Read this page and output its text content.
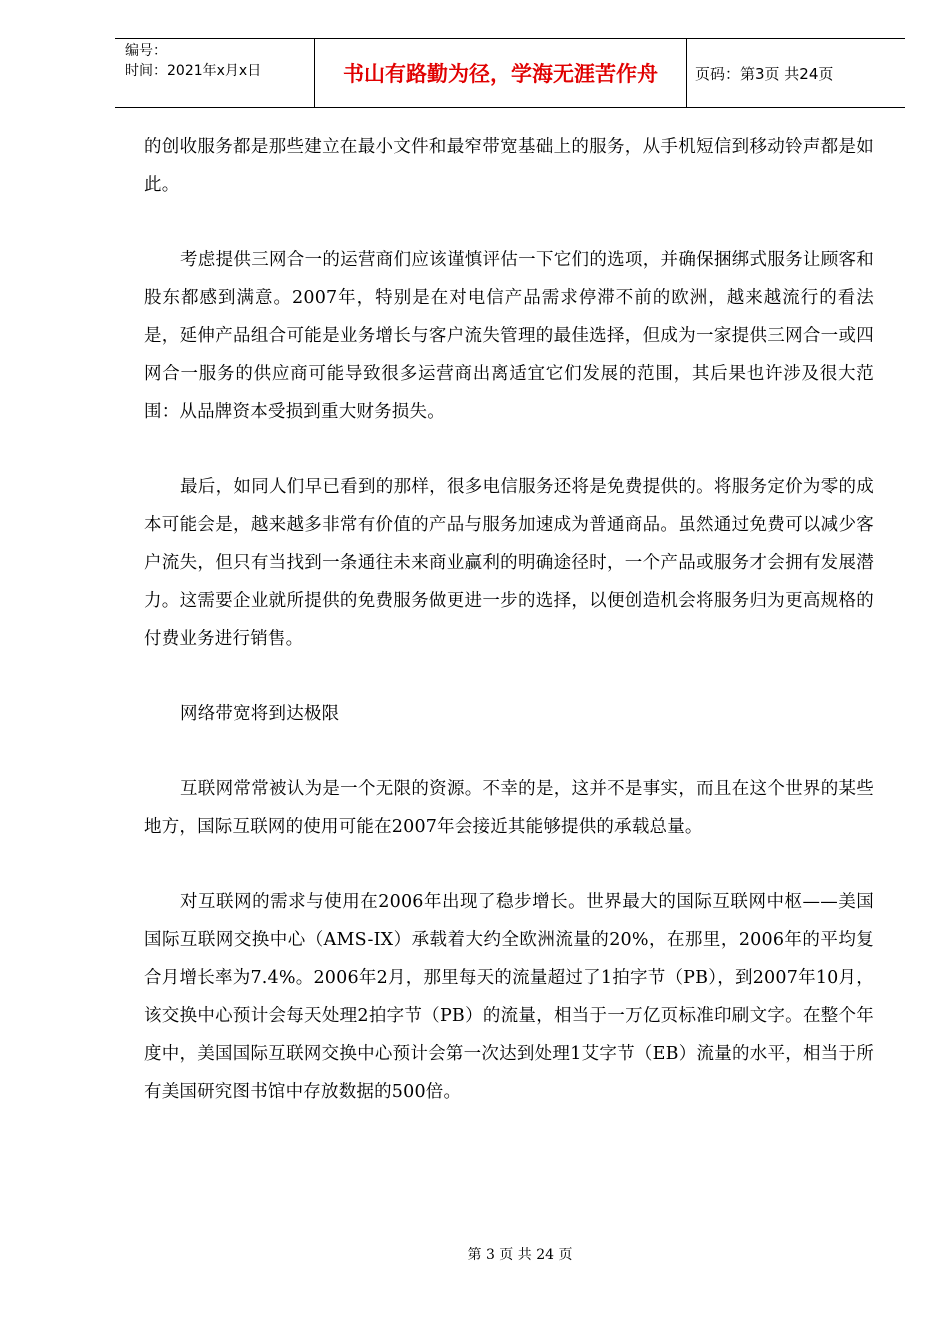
编号：
时间：2021年x月x日	书山有路勤为径，学海无涯苦作舟	页码：第3页 共24页

的创收服务都是那些建立在最小文件和最窄带宽基础上的服务，从手机短信到移动铃声都是如此。

考虑提供三网合一的运营商们应该谨慎评估一下它们的选项，并确保捆绑式服务让顾客和股东都感到满意。2007年，特别是在对电信产品需求停滞不前的欧洲，越来越流行的看法是，延伸产品组合可能是业务增长与客户流失管理的最佳选择，但成为一家提供三网合一或四网合一服务的供应商可能导致很多运营商出离适宜它们发展的范围，其后果也许涉及很大范围：从品牌资本受损到重大财务损失。

最后，如同人们早已看到的那样，很多电信服务还将是免费提供的。将服务定价为零的成本可能会是，越来越多非常有价值的产品与服务加速成为普通商品。虽然通过免费可以减少客户流失，但只有当找到一条通往未来商业赢利的明确途径时，一个产品或服务才会拥有发展潜力。这需要企业就所提供的免费服务做更进一步的选择，以便创造机会将服务归为更高规格的付费业务进行销售。

网络带宽将到达极限

互联网常常被认为是一个无限的资源。不幸的是，这并不是事实，而且在这个世界的某些地方，国际互联网的使用可能在2007年会接近其能够提供的承载总量。

对互联网的需求与使用在2006年出现了稳步增长。世界最大的国际互联网中枢——美国国际互联网交换中心（AMS-IX）承载着大约全欧洲流量的20%，在那里，2006年的平均复合月增长率为7.4%。2006年2月，那里每天的流量超过了1拍字节（PB），到2007年10月，该交换中心预计会每天处理2拍字节（PB）的流量，相当于一万亿页标准印刷文字。在整个年度中，美国国际互联网交换中心预计会第一次达到处理1艾字节（EB）流量的水平，相当于所有美国研究图书馆中存放数据的500倍。

第 3 页 共 24 页
